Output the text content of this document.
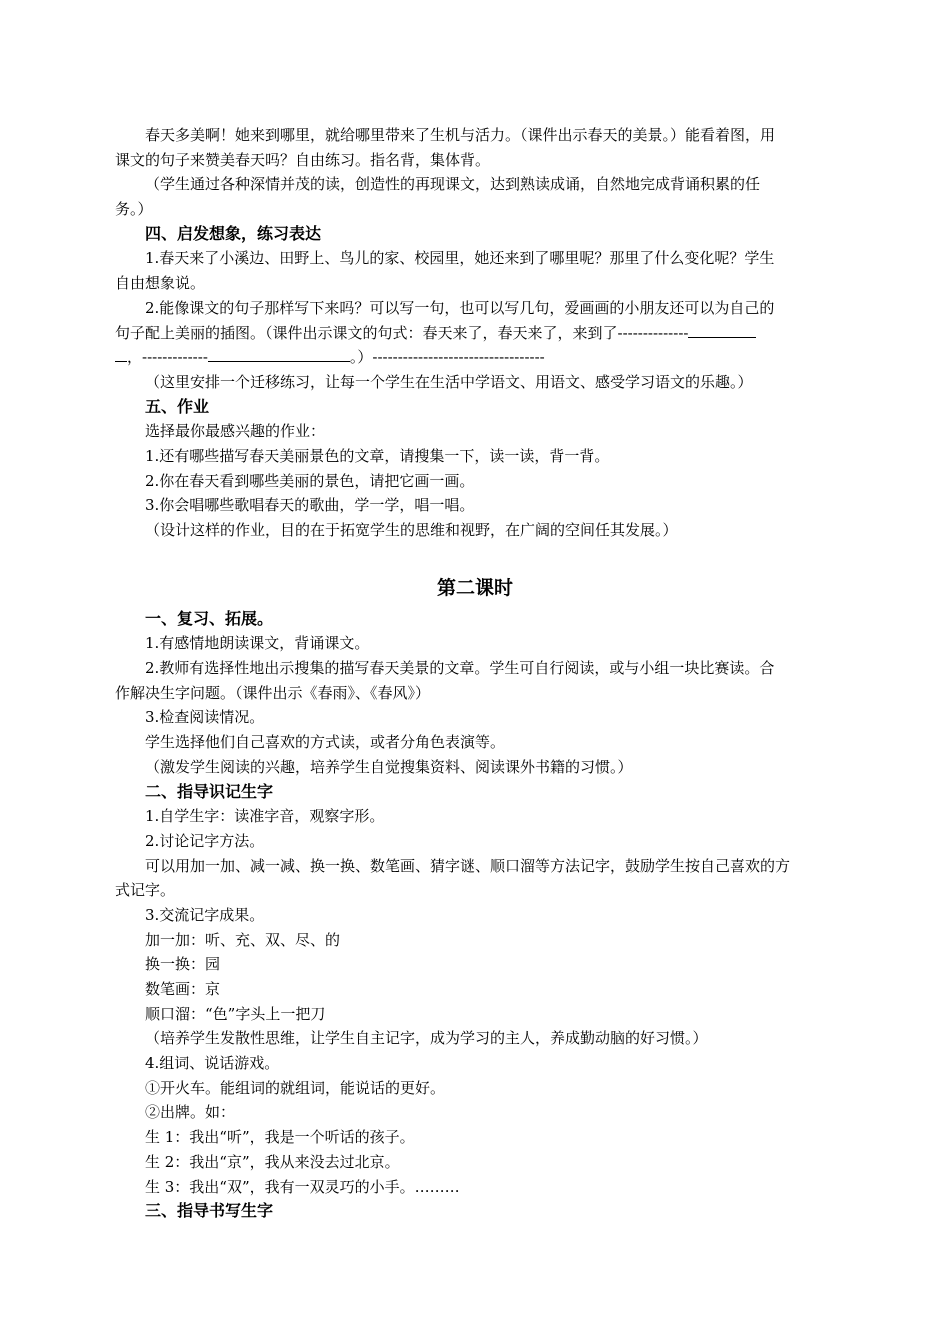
春天多美啊！她来到哪里，就给哪里带来了生机与活力。（课件出示春天的美景。）能看着图，用
课文的句子来赞美春天吗？自由练习。指名背，集体背。
（学生通过各种深情并茂的读，创造性的再现课文，达到熟读成诵，自然地完成背诵积累的任
务。）
四、启发想象，练习表达
1.春天来了小溪边、田野上、鸟儿的家、校园里，她还来到了哪里呢？那里了什么变化呢？学生
自由想象说。
2.能像课文的句子那样写下来吗？可以写一句，也可以写几句，爱画画的小朋友还可以为自己的
句子配上美丽的插图。（课件出示课文的句式：春天来了，春天来了，来到了--------------
，-------------	。）----------------------------------
（这里安排一个迁移练习，让每一个学生在生活中学语文、用语文、感受学习语文的乐趣。）
五、作业
选择最你最感兴趣的作业：
1.还有哪些描写春天美丽景色的文章，请搜集一下，读一读，背一背。
2.你在春天看到哪些美丽的景色，请把它画一画。
3.你会唱哪些歌唱春天的歌曲，学一学，唱一唱。
（设计这样的作业，目的在于拓宽学生的思维和视野，在广阔的空间任其发展。）
第二课时
一、复习、拓展。
1.有感情地朗读课文，背诵课文。
2.教师有选择性地出示搜集的描写春天美景的文章。学生可自行阅读，或与小组一块比赛读。合
作解决生字问题。（课件出示《春雨》、《春风》）
3.检查阅读情况。
学生选择他们自己喜欢的方式读，或者分角色表演等。
（激发学生阅读的兴趣，培养学生自觉搜集资料、阅读课外书籍的习惯。）
二、指导识记生字
1.自学生字：读准字音，观察字形。
2.讨论记字方法。
可以用加一加、减一减、换一换、数笔画、猜字谜、顺口溜等方法记字，鼓励学生按自己喜欢的方
式记字。
3.交流记字成果。
加一加：听、充、双、尽、的
换一换：园
数笔画：京
顺口溜：“色”字头上一把刀
（培养学生发散性思维，让学生自主记字，成为学习的主人，养成勤动脑的好习惯。）
4.组词、说话游戏。
①开火车。能组词的就组词，能说话的更好。
②出牌。如：
生 1：我出“听”，我是一个听话的孩子。
生 2：我出“京”，我从来没去过北京。
生 3：我出“双”，我有一双灵巧的小手。………
三、指导书写生字
